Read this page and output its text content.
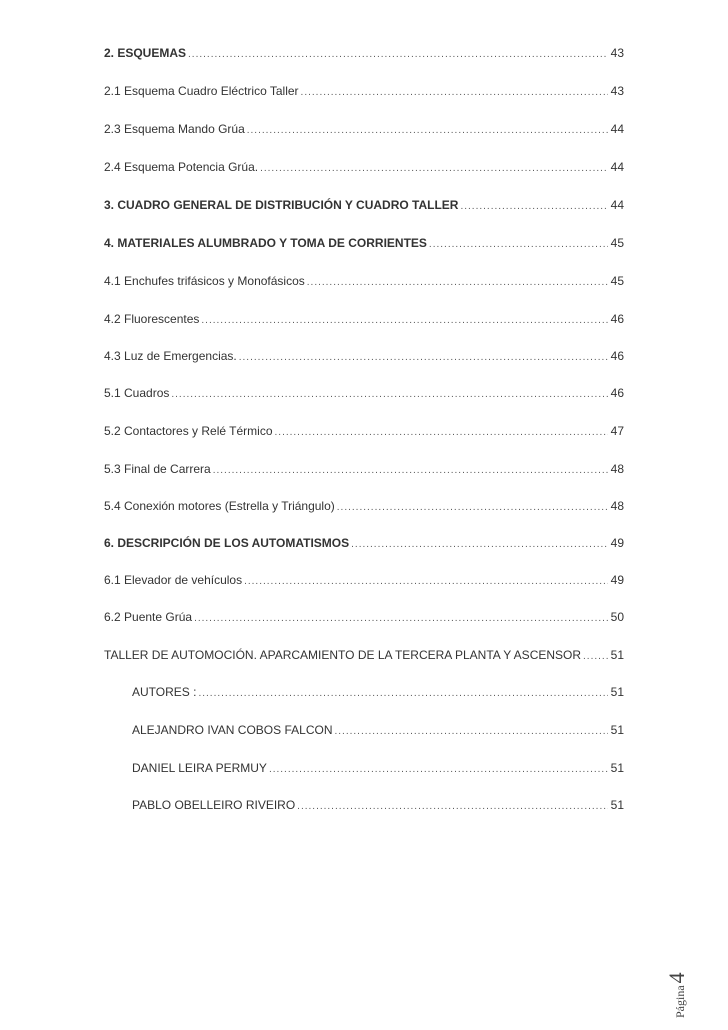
2. ESQUEMAS .....	43
2.1 Esquema Cuadro Eléctrico Taller .....	43
2.3 Esquema Mando Grúa .....	44
2.4 Esquema Potencia Grúa. .....	44
3. CUADRO GENERAL DE DISTRIBUCIÓN Y CUADRO TALLER .....	44
4. MATERIALES ALUMBRADO Y TOMA DE CORRIENTES .....	45
4.1 Enchufes trifásicos y Monofásicos .....	45
4.2 Fluorescentes .....	46
4.3 Luz de Emergencias. .....	46
5.1 Cuadros .....	46
5.2 Contactores y Relé Térmico .....	47
5.3 Final de Carrera .....	48
5.4 Conexión motores (Estrella y Triángulo) .....	48
6. DESCRIPCIÓN DE LOS AUTOMATISMOS .....	49
6.1 Elevador de vehículos .....	49
6.2 Puente Grúa .....	50
TALLER DE AUTOMOCIÓN. APARCAMIENTO DE LA TERCERA PLANTA Y ASCENSOR ..... 51
AUTORES : .....	51
ALEJANDRO IVAN COBOS FALCON .....	51
DANIEL LEIRA PERMUY .....	51
PABLO OBELLEIRO RIVEIRO .....	51
Página
4
